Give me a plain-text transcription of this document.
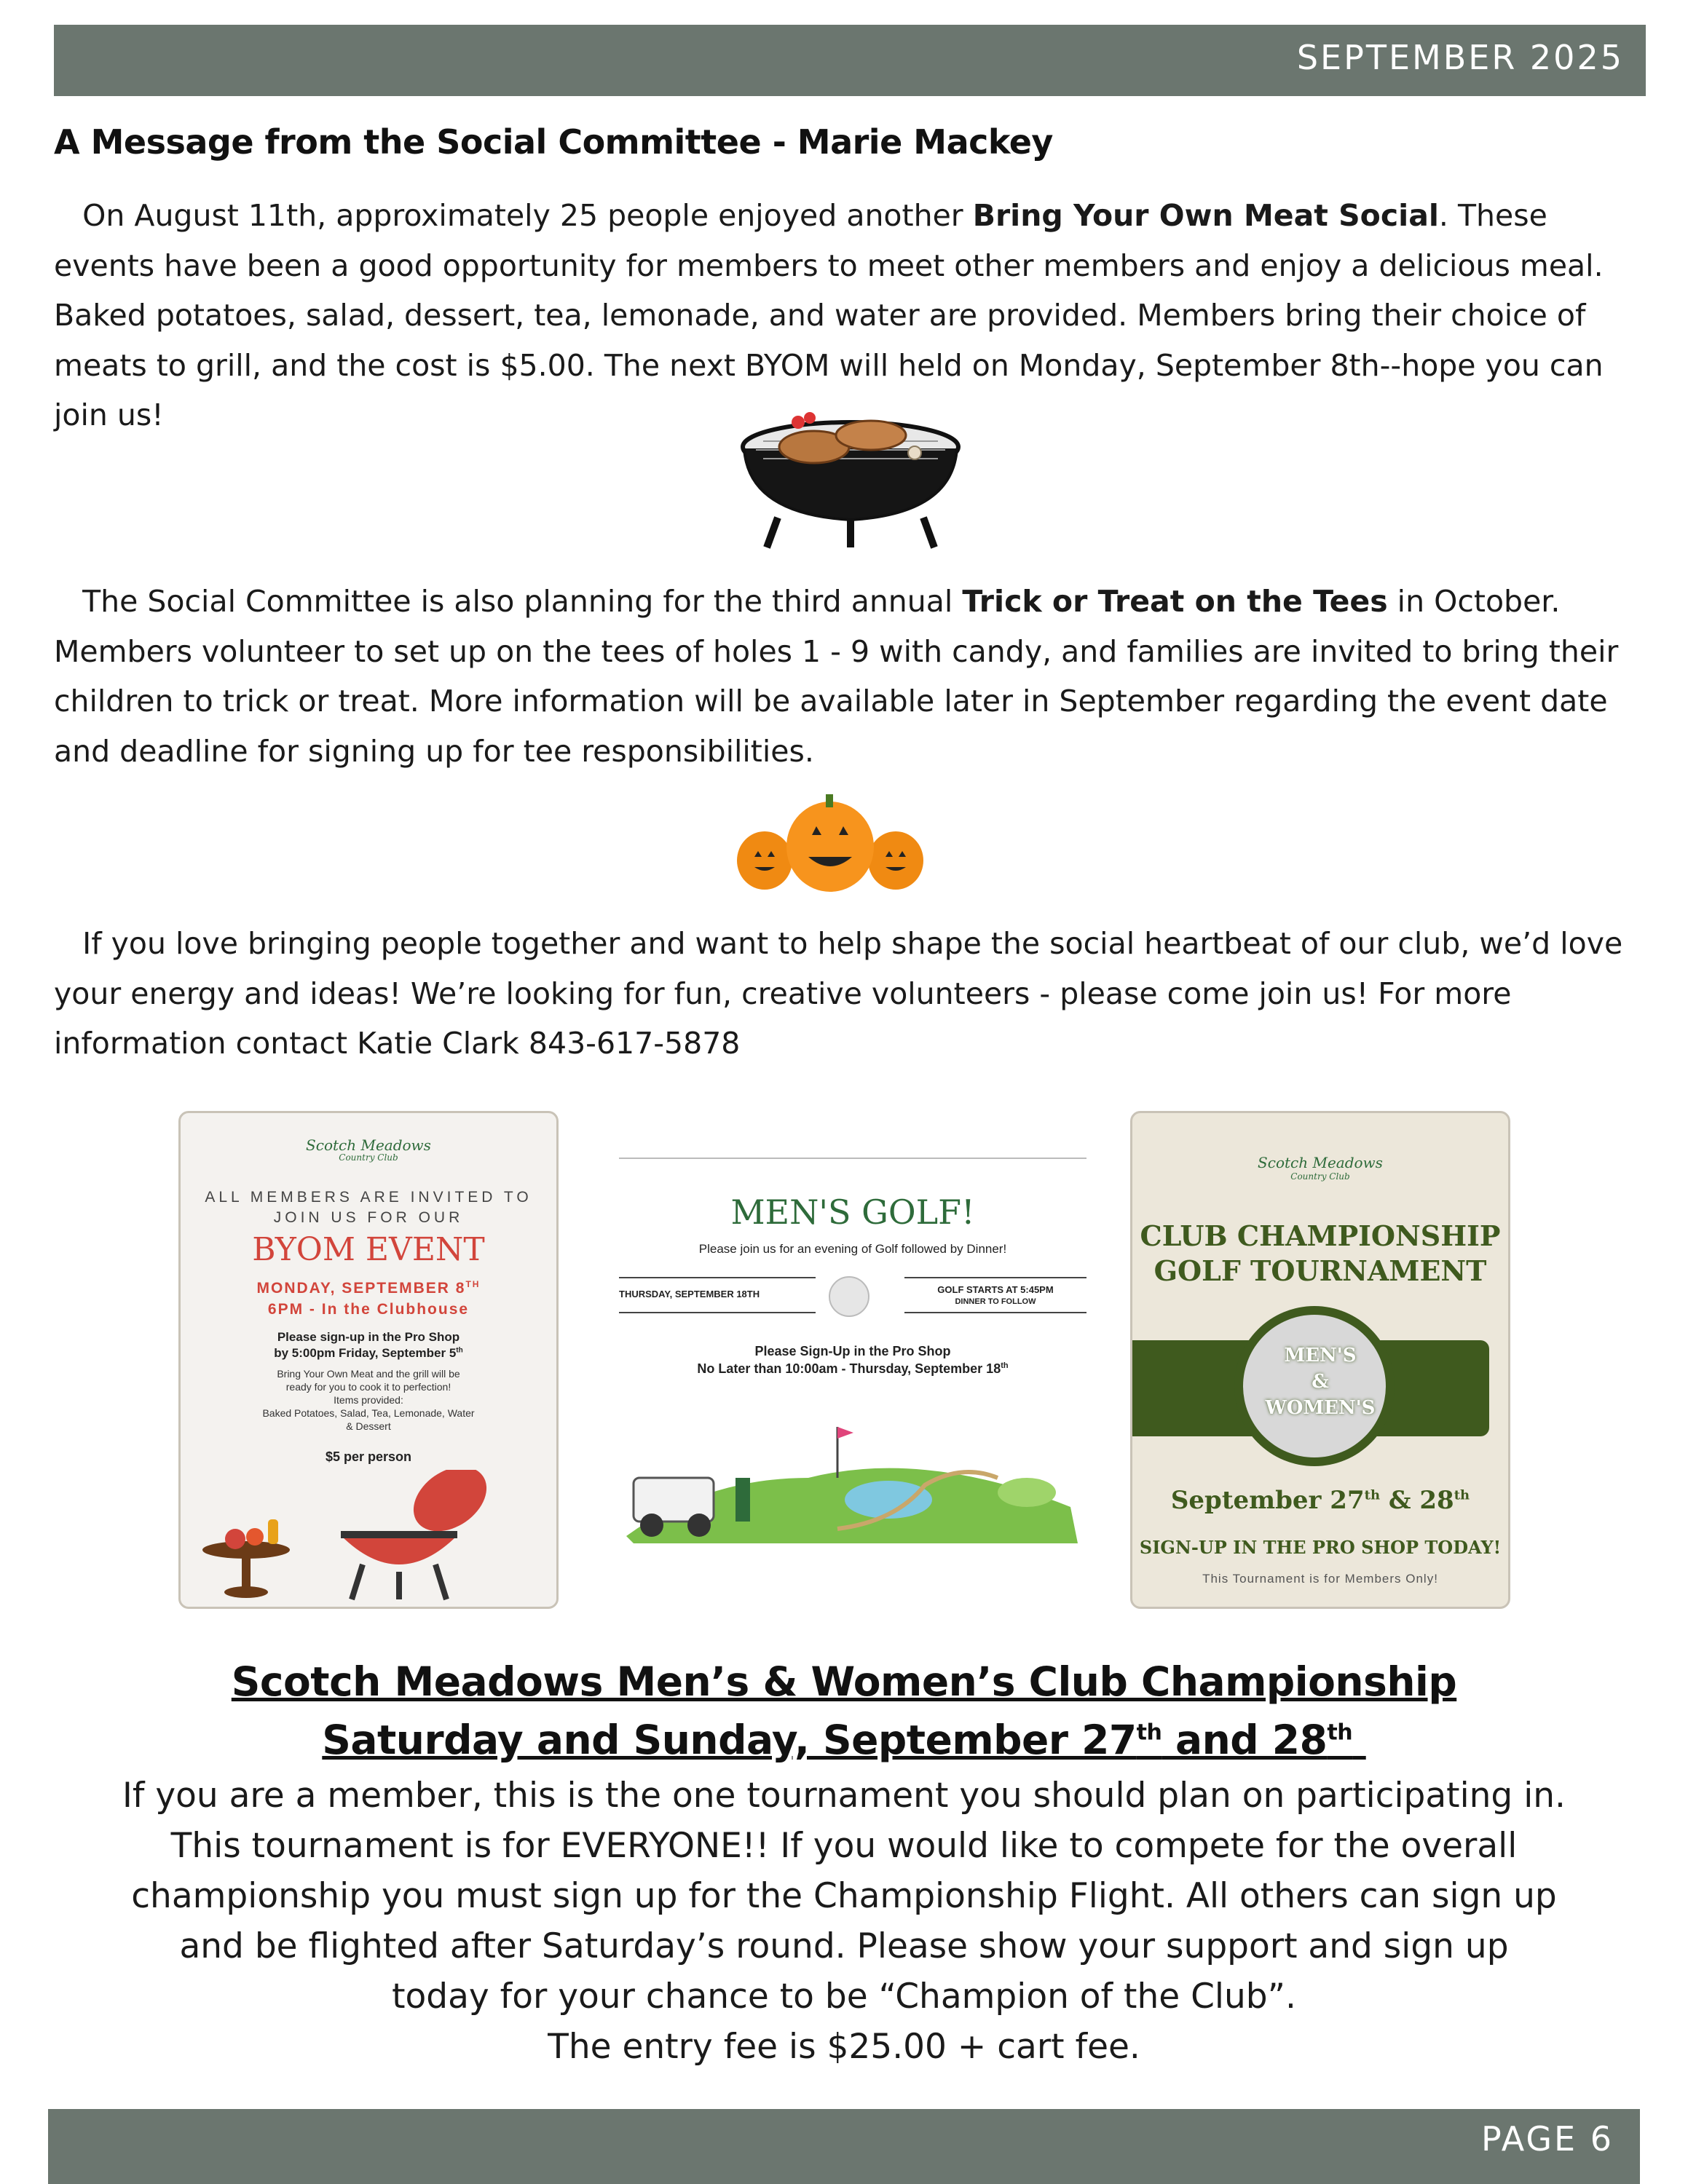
SEPTEMBER 2025
A Message from the Social Committee - Marie Mackey
On August 11th, approximately 25 people enjoyed another Bring Your Own Meat Social. These events have been a good opportunity for members to meet other members and enjoy a delicious meal. Baked potatoes, salad, dessert, tea, lemonade, and water are provided. Members bring their choice of meats to grill, and the cost is $5.00. The next BYOM will held on Monday, September 8th--hope you can join us!
The Social Committee is also planning for the third annual Trick or Treat on the Tees in October. Members volunteer to set up on the tees of holes 1 - 9 with candy, and families are invited to bring their children to trick or treat. More information will be available later in September regarding the event date and deadline for signing up for tee responsibilities.
If you love bringing people together and want to help shape the social heartbeat of our club, we’d love your energy and ideas! We’re looking for fun, creative volunteers - please come join us! For more information contact Katie Clark 843-617-5878
Scotch Meadows
Country Club
ALL MEMBERS ARE INVITED TO
JOIN US FOR OUR
BYOM EVENT
MONDAY, SEPTEMBER 8TH
6PM - In the Clubhouse
Please sign-up in the Pro Shop
by 5:00pm Friday, September 5th
Bring Your Own Meat and the grill will be
ready for you to cook it to perfection!
Items provided:
Baked Potatoes, Salad, Tea, Lemonade, Water
& Dessert
$5 per person
MEN'S GOLF!
Please join us for an evening of Golf followed by Dinner!
THURSDAY, SEPTEMBER 18TH	GOLF STARTS AT 5:45PM
DINNER TO FOLLOW
Please Sign-Up in the Pro Shop
No Later than 10:00am - Thursday, September 18th
Scotch Meadows
Country Club
CLUB CHAMPIONSHIP
GOLF TOURNAMENT
MEN'S
&
WOMEN'S
September 27th & 28th
SIGN-UP IN THE PRO SHOP TODAY!
This Tournament is for Members Only!
Scotch Meadows Men’s & Women’s Club Championship
Saturday and Sunday, September 27th and 28th
If you are a member, this is the one tournament you should plan on participating in.
This tournament is for EVERYONE!! If you would like to compete for the overall
championship you must sign up for the Championship Flight. All others can sign up
and be flighted after Saturday’s round. Please show your support and sign up
today for your chance to be “Champion of the Club”.
The entry fee is $25.00 + cart fee.
PAGE 6
